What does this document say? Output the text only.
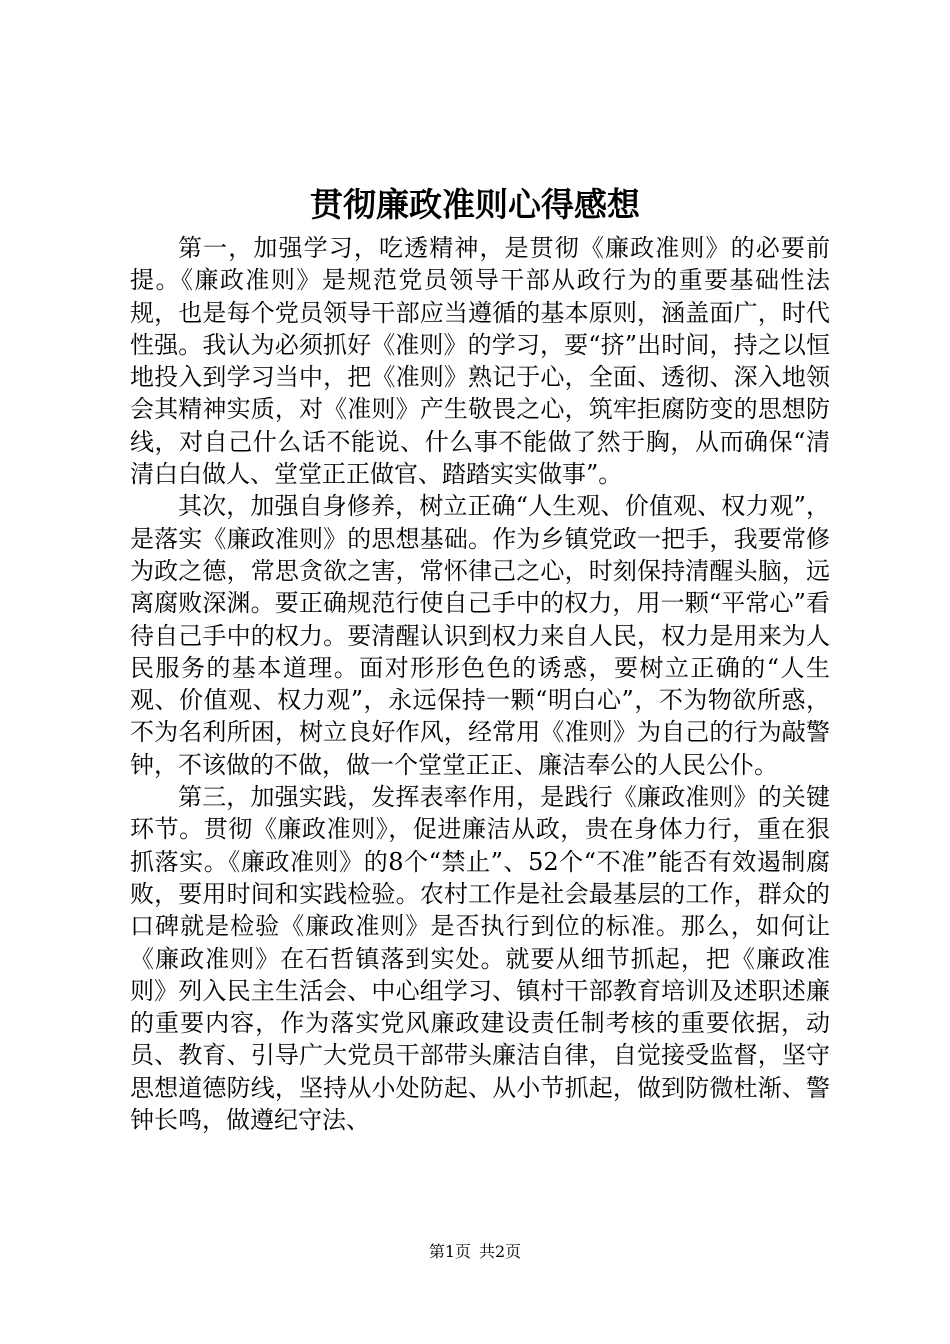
贯彻廉政准则心得感想

第一，加强学习，吃透精神，是贯彻《廉政准则》的必要前提。《廉政准则》是规范党员领导干部从政行为的重要基础性法规，也是每个党员领导干部应当遵循的基本原则，涵盖面广，时代性强。我认为必须抓好《准则》的学习，要“挤”出时间，持之以恒地投入到学习当中，把《准则》熟记于心，全面、透彻、深入地领会其精神实质，对《准则》产生敬畏之心，筑牢拒腐防变的思想防线，对自己什么话不能说、什么事不能做了然于胸，从而确保“清清白白做人、堂堂正正做官、踏踏实实做事”。

其次，加强自身修养，树立正确“人生观、价值观、权力观”，是落实《廉政准则》的思想基础。作为乡镇党政一把手，我要常修为政之德，常思贪欲之害，常怀律己之心，时刻保持清醒头脑，远离腐败深渊。要正确规范行使自己手中的权力，用一颗“平常心”看待自己手中的权力。要清醒认识到权力来自人民，权力是用来为人民服务的基本道理。面对形形色色的诱惑，要树立正确的“人生观、价值观、权力观”，永远保持一颗“明白心”，不为物欲所惑，不为名利所困，树立良好作风，经常用《准则》为自己的行为敲警钟，不该做的不做，做一个堂堂正正、廉洁奉公的人民公仆。

第三，加强实践，发挥表率作用，是践行《廉政准则》的关键环节。贯彻《廉政准则》，促进廉洁从政，贵在身体力行，重在狠抓落实。《廉政准则》的8个“禁止”、52个“不准”能否有效遏制腐败，要用时间和实践检验。农村工作是社会最基层的工作，群众的口碑就是检验《廉政准则》是否执行到位的标准。那么，如何让《廉政准则》在石哲镇落到实处。就要从细节抓起，把《廉政准则》列入民主生活会、中心组学习、镇村干部教育培训及述职述廉的重要内容，作为落实党风廉政建设责任制考核的重要依据，动员、教育、引导广大党员干部带头廉洁自律，自觉接受监督，坚守思想道德防线，坚持从小处防起、从小节抓起，做到防微杜渐、警钟长鸣，做遵纪守法、

第1页 共2页
